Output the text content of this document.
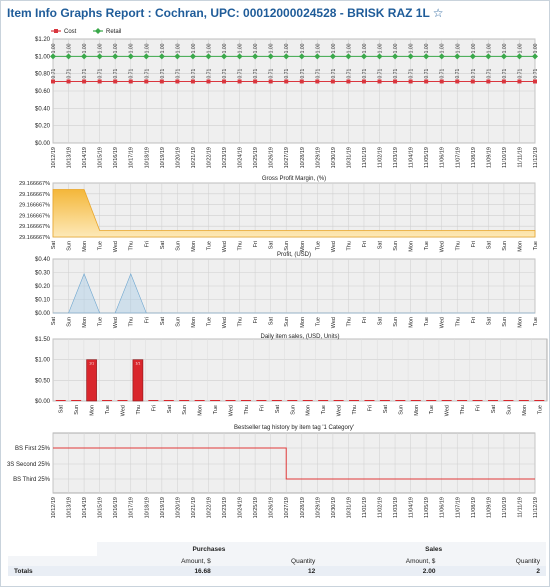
Item Info Graphs Report : Cochran, UPC: 00012000024528 - BRISK RAZ 1L ☆
10/12/19 10/13/19 10/14/19 10/15/19 10/16/19 10/17/19 10/18/19 10/19/19 10/20/19 10/21/19 10/22/19 10/23/19 10/24/19 10/25/19 10/26/19 10/27/19 10/28/19 10/29/19 10/30/19 10/31/19 11/01/19 11/02/19 11/03/19 11/04/19 11/05/19 11/06/19 11/07/19 11/08/19 11/09/19 11/10/19 11/11/19 11/12/19
$0.00
$0.20
$0.40
$0.60
$0.80
$1.00
$1.20
Cost	Retail
0.71 0.71 0.71 0.71 0.71 0.71 0.71 0.71 0.71 0.71 0.71 0.71 0.71 0.71 0.71 0.71 0.71 0.71 0.71 0.71 0.71 0.71 0.71 0.71 0.71 0.71 0.71 0.71 0.71 0.71 0.71 0.71
1.00 1.00 1.00 1.00 1.00 1.00 1.00 1.00 1.00 1.00 1.00 1.00 1.00 1.00 1.00 1.00 1.00 1.00 1.00 1.00 1.00 1.00 1.00 1.00 1.00 1.00 1.00 1.00 1.00 1.00 1.00 1.00
Sat Sun Mon Tue Wed Thu Fri Sat Sun Mon Tue Wed Thu Fri Sat Sun Mon Tue Wed Thu Fri Sat Sun Mon Tue Wed Thu Fri Sat Sun Mon Tue
29.166667%
29.166667%
29.166667%
29.166667%
29.166667%
29.166667%
Gross Profit Margin, (%)
Sat Sun Mon Tue Wed Thu Fri Sat Sun Mon Tue Wed Thu Fri Sat Sun Mon Tue Wed Thu Fri Sat Sun Mon Tue Wed Thu Fri Sat Sun Mon Tue
$0.00
$0.10
$0.20
$0.30
$0.40
Profit, (USD)
$0.00
$0.50
$1.00
$1.50	Daily item sales, (USD, Units)
Sat Sun
1/1
Mon Tue Wed
1/1
Thu Fri Sat Sun Mon Tue Wed Thu Fri Sat Sun Mon Tue Wed Thu Fri Sat Sun Mon Tue Wed Thu Fri Sat Sun Mon Tue
10/12/19 10/13/19 10/14/19 10/15/19 10/16/19 10/17/19 10/18/19 10/19/19 10/20/19 10/21/19 10/22/19 10/23/19 10/24/19 10/25/19 10/26/19 10/27/19 10/28/19 10/29/19 10/30/19 10/31/19 11/01/19 11/02/19 11/03/19 11/04/19 11/05/19 11/06/19 11/07/19 11/08/19 11/09/19 11/10/19 11/11/19 11/12/19
BS Third 25%
3S Second 25%
BS First 25%
Bestseller tag history by item tag '1 Category'
	Purchases		Sales	
	Amount, $	Quantity	Amount, $	Quantity
Totals	16.68	12	2.00	2
